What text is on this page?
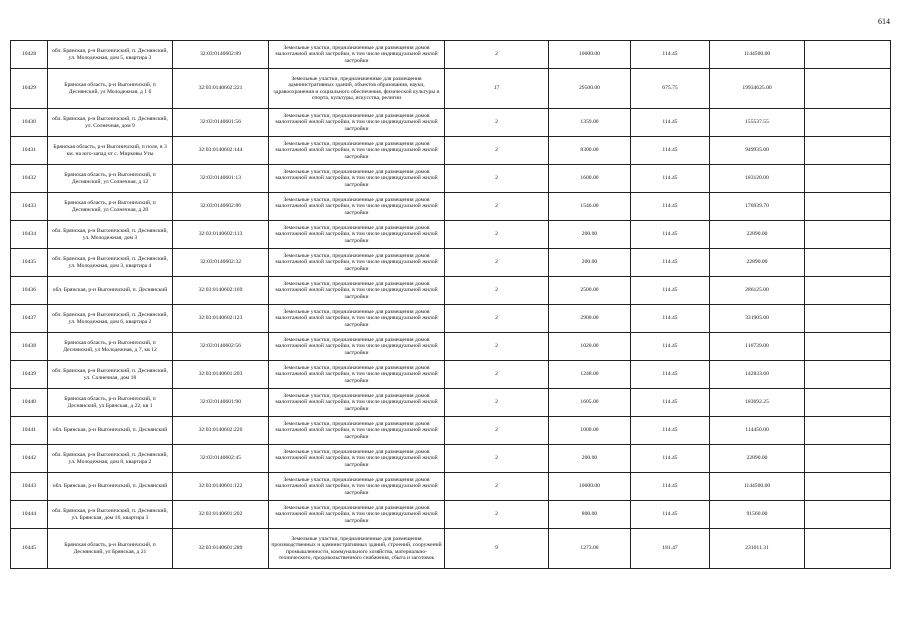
614
10428	обл. Брянская, р-н Выгоничский, п. Деснянский, ул. Молодежная, дом 5, квартира 3	32:03:0140602:89	Земельные участки, предназначенные для размещения домов малоэтажной жилой застройки, в том числе индивидуальной жилой застройки	2	10000.00	114.45	1144500.00	
10429	Брянская область, р-н Выгоничский, п Деснянский, ул Молодежная, д 1 б	32:03:0140602:221	Земельные участки, предназначенные для размещения административных зданий, объектов образования, науки, здравоохранения и социального обеспечения, физической культуры и спорта, культуры, искусства, религии	17	29500.00	675.75	19934625.00	
10430	обл. Брянская, р-н Выгоничский, п. Деснянский, ул. Солнечная, дом 9	32:03:0140601:56	Земельные участки, предназначенные для размещения домов малоэтажной жилой застройки, в том числе индивидуальной жилой застройки	2	1359.00	114.45	155537.55	
10431	Брянская область, р-н Выгоничский, п поле, в 3 км. на юго-запад от с. Мирковы Уты	32:03:0140602:144	Земельные участки, предназначенные для размещения домов малоэтажной жилой застройки, в том числе индивидуальной жилой застройки	2	8300.00	114.45	949935.00	
10432	Брянская область, р-н Выгоничский, п Деснянский, ул Солнечная, д 12	32:03:0140601:13	Земельные участки, предназначенные для размещения домов малоэтажной жилой застройки, в том числе индивидуальной жилой застройки	2	1600.00	114.45	183120.00	
10433	Брянская область, р-н Выгоничский, п Деснянский, ул Солнечная, д 20	32:03:0140602:86	Земельные участки, предназначенные для размещения домов малоэтажной жилой застройки, в том числе индивидуальной жилой застройки	2	1546.00	114.45	176939.70	
10434	обл. Брянская, р-н Выгоничский, п. Деснянский, ул. Молодежная, дом 3	32:03:0140602:113	Земельные участки, предназначенные для размещения домов малоэтажной жилой застройки, в том числе индивидуальной жилой застройки	2	200.00	114.45	22890.00	
10435	обл. Брянская, р-н Выгоничский, п. Деснянский, ул. Молодежная, дом 3, квартира 4	32:03:0140602:32	Земельные участки, предназначенные для размещения домов малоэтажной жилой застройки, в том числе индивидуальной жилой застройки	2	200.00	114.45	22890.00	
10436	обл. Брянская, р-н Выгоничский, п. Деснянский	32:03:0140602:169	Земельные участки, предназначенные для размещения домов малоэтажной жилой застройки, в том числе индивидуальной жилой застройки	2	2500.00	114.45	286125.00	
10437	обл. Брянская, р-н Выгоничский, п. Деснянский, ул. Молодежная, дом 6, квартира 2	32:03:0140602:123	Земельные участки, предназначенные для размещения домов малоэтажной жилой застройки, в том числе индивидуальной жилой застройки	2	2900.00	114.45	331905.00	
10438	Брянская область, р-н Выгоничский, п Деснянский, ул Молодежная, д 7, кв 12	32:03:0140602:56	Земельные участки, предназначенные для размещения домов малоэтажной жилой застройки, в том числе индивидуальной жилой застройки	2	1020.00	114.45	116739.00	
10439	обл. Брянская, р-н Выгоничский, п. Деснянский, ул. Солнечная, дом 18	32:03:0140601:203	Земельные участки, предназначенные для размещения домов малоэтажной жилой застройки, в том числе индивидуальной жилой застройки	2	1248.00	114.45	142833.60	
10440	Брянская область, р-н Выгоничский, п Деснянский, ул Брянская, д 22, кв 1	32:03:0140601:90	Земельные участки, предназначенные для размещения домов малоэтажной жилой застройки, в том числе индивидуальной жилой застройки	2	1605.00	114.45	183692.25	
10441	обл. Брянская, р-н Выгоничский, п. Деснянский	32:03:0140602:220	Земельные участки, предназначенные для размещения домов малоэтажной жилой застройки, в том числе индивидуальной жилой застройки	2	1000.00	114.45	114450.00	
10442	обл. Брянская, р-н Выгоничский, п. Деснянский, ул. Молодежная, дом 8, квартира 2	32:03:0140602:45	Земельные участки, предназначенные для размещения домов малоэтажной жилой застройки, в том числе индивидуальной жилой застройки	2	200.00	114.45	22890.00	
10443	обл. Брянская, р-н Выгоничский, п. Деснянский	32:03:0140601:122	Земельные участки, предназначенные для размещения домов малоэтажной жилой застройки, в том числе индивидуальной жилой застройки	2	10000.00	114.45	1144500.00	
10444	обл. Брянская, р-н Выгоничский, п. Деснянский, ул. Брянская, дом 16, квартира 1	32:03:0140601:202	Земельные участки, предназначенные для размещения домов малоэтажной жилой застройки, в том числе индивидуальной жилой застройки	2	800.00	114.45	91560.00	
10445	Брянская область, р-н Выгоничский, п Деснянский, ул Брянская, д 21	32:03:0140601:289	Земельные участки, предназначенные для размещения производственных и административных зданий, строений, сооружений промышленности, коммунального хозяйства, материально-технического, продовольственного снабжения, сбыта и заготовок	9	1273.00	181.47	231011.31	
